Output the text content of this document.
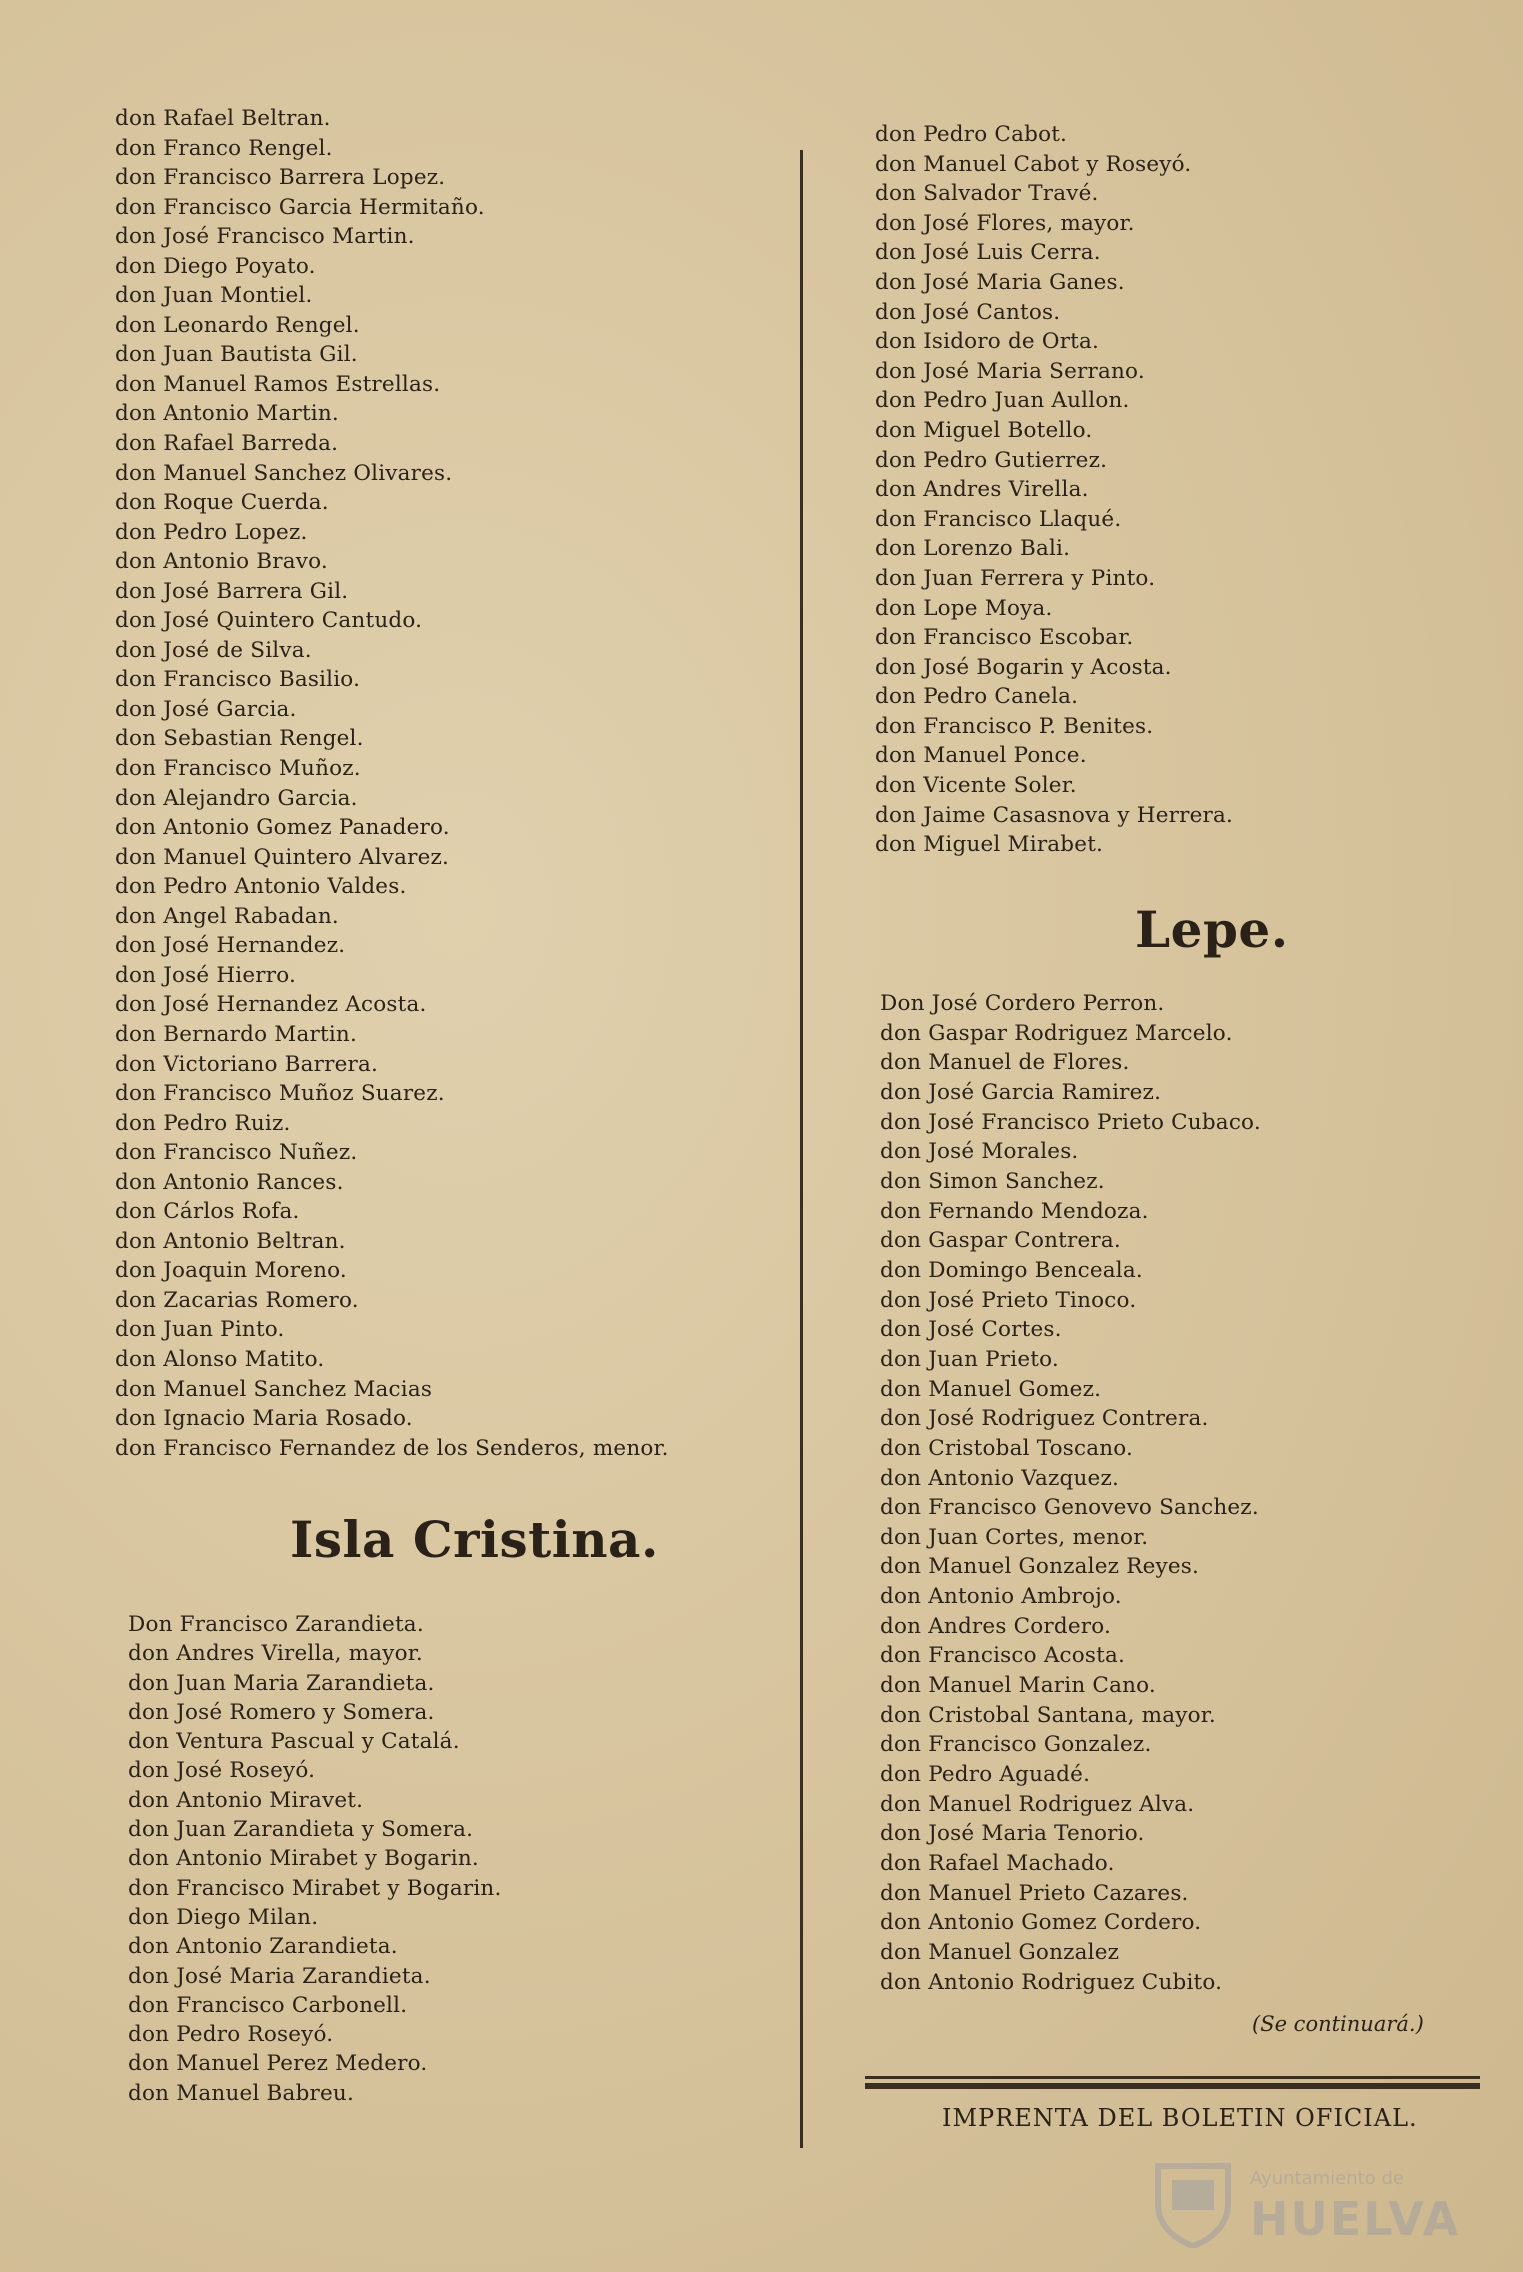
don Rafael Beltran.
don Franco Rengel.
don Francisco Barrera Lopez.
don Francisco Garcia Hermitaño.
don José Francisco Martin.
don Diego Poyato.
don Juan Montiel.
don Leonardo Rengel.
don Juan Bautista Gil.
don Manuel Ramos Estrellas.
don Antonio Martin.
don Rafael Barreda.
don Manuel Sanchez Olivares.
don Roque Cuerda.
don Pedro Lopez.
don Antonio Bravo.
don José Barrera Gil.
don José Quintero Cantudo.
don José de Silva.
don Francisco Basilio.
don José Garcia.
don Sebastian Rengel.
don Francisco Muñoz.
don Alejandro Garcia.
don Antonio Gomez Panadero.
don Manuel Quintero Alvarez.
don Pedro Antonio Valdes.
don Angel Rabadan.
don José Hernandez.
don José Hierro.
don José Hernandez Acosta.
don Bernardo Martin.
don Victoriano Barrera.
don Francisco Muñoz Suarez.
don Pedro Ruiz.
don Francisco Nuñez.
don Antonio Rances.
don Cárlos Rofa.
don Antonio Beltran.
don Joaquin Moreno.
don Zacarias Romero.
don Juan Pinto.
don Alonso Matito.
don Manuel Sanchez Macias
don Ignacio Maria Rosado.
don Francisco Fernandez de los Senderos, menor.
Isla Cristina.
Don Francisco Zarandieta.
don Andres Virella, mayor.
don Juan Maria Zarandieta.
don José Romero y Somera.
don Ventura Pascual y Catalá.
don José Roseyó.
don Antonio Miravet.
don Juan Zarandieta y Somera.
don Antonio Mirabet y Bogarin.
don Francisco Mirabet y Bogarin.
don Diego Milan.
don Antonio Zarandieta.
don José Maria Zarandieta.
don Francisco Carbonell.
don Pedro Roseyó.
don Manuel Perez Medero.
don Manuel Babreu.
don Pedro Cabot.
don Manuel Cabot y Roseyó.
don Salvador Travé.
don José Flores, mayor.
don José Luis Cerra.
don José Maria Ganes.
don José Cantos.
don Isidoro de Orta.
don José Maria Serrano.
don Pedro Juan Aullon.
don Miguel Botello.
don Pedro Gutierrez.
don Andres Virella.
don Francisco Llaqué.
don Lorenzo Bali.
don Juan Ferrera y Pinto.
don Lope Moya.
don Francisco Escobar.
don José Bogarin y Acosta.
don Pedro Canela.
don Francisco P. Benites.
don Manuel Ponce.
don Vicente Soler.
don Jaime Casasnova y Herrera.
don Miguel Mirabet.
Lepe.
Don José Cordero Perron.
don Gaspar Rodriguez Marcelo.
don Manuel de Flores.
don José Garcia Ramirez.
don José Francisco Prieto Cubaco.
don José Morales.
don Simon Sanchez.
don Fernando Mendoza.
don Gaspar Contrera.
don Domingo Benceala.
don José Prieto Tinoco.
don José Cortes.
don Juan Prieto.
don Manuel Gomez.
don José Rodriguez Contrera.
don Cristobal Toscano.
don Antonio Vazquez.
don Francisco Genovevo Sanchez.
don Juan Cortes, menor.
don Manuel Gonzalez Reyes.
don Antonio Ambrojo.
don Andres Cordero.
don Francisco Acosta.
don Manuel Marin Cano.
don Cristobal Santana, mayor.
don Francisco Gonzalez.
don Pedro Aguadé.
don Manuel Rodriguez Alva.
don José Maria Tenorio.
don Rafael Machado.
don Manuel Prieto Cazares.
don Antonio Gomez Cordero.
don Manuel Gonzalez
don Antonio Rodriguez Cubito.

(Se continuará.)

IMPRENTA DEL BOLETIN OFICIAL.

Ayuntamiento de
HUELVA
